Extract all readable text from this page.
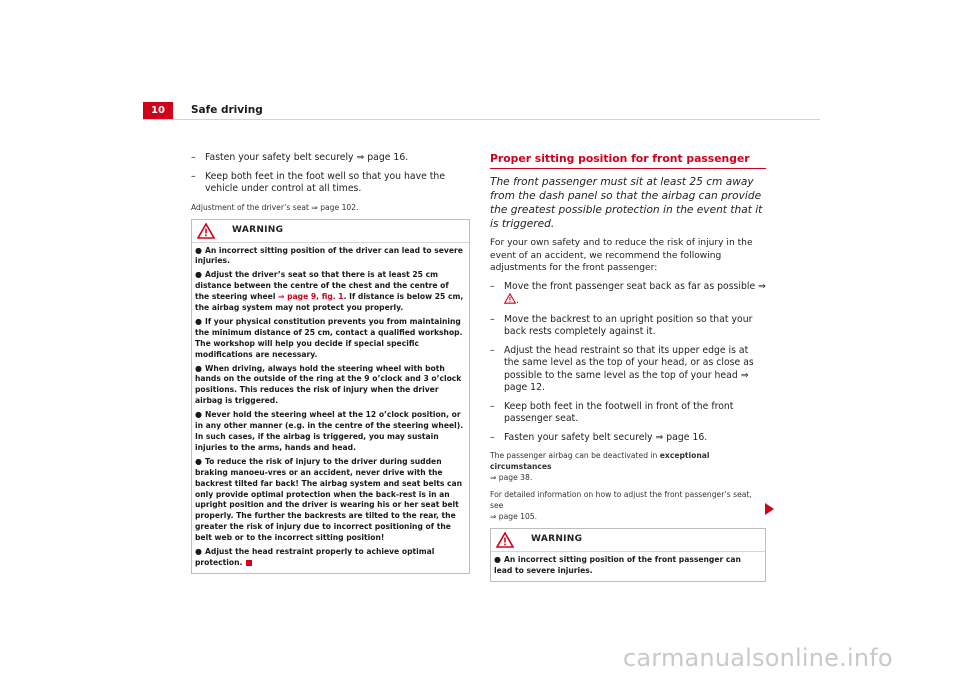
10	Safe driving
– Fasten your safety belt securely ⇒ page 16.
– Keep both feet in the foot well so that you have the vehicle under control at all times.
Adjustment of the driver’s seat ⇒ page 102.
WARNING
● An incorrect sitting position of the driver can lead to severe injuries.
● Adjust the driver’s seat so that there is at least 25 cm distance between the centre of the chest and the centre of the steering wheel ⇒ page 9, fig. 1. If distance is below 25 cm, the airbag system may not protect you properly.
● If your physical constitution prevents you from maintaining the minimum distance of 25 cm, contact a qualified workshop. The workshop will help you decide if special specific modifications are necessary.
● When driving, always hold the steering wheel with both hands on the outside of the ring at the 9 o’clock and 3 o’clock positions. This reduces the risk of injury when the driver airbag is triggered.
● Never hold the steering wheel at the 12 o’clock position, or in any other manner (e.g. in the centre of the steering wheel). In such cases, if the airbag is triggered, you may sustain injuries to the arms, hands and head.
● To reduce the risk of injury to the driver during sudden braking manoeu-vres or an accident, never drive with the backrest tilted far back! The airbag system and seat belts can only provide optimal protection when the back-rest is in an upright position and the driver is wearing his or her seat belt properly. The further the backrests are tilted to the rear, the greater the risk of injury due to incorrect positioning of the belt web or to the incorrect sitting position!
● Adjust the head restraint properly to achieve optimal protection.
Proper sitting position for front passenger
The front passenger must sit at least 25 cm away from the dash panel so that the airbag can provide the greatest possible protection in the event that it is triggered.
For your own safety and to reduce the risk of injury in the event of an accident, we recommend the following adjustments for the front passenger:
– Move the front passenger seat back as far as possible ⇒ .
– Move the backrest to an upright position so that your back rests completely against it.
– Adjust the head restraint so that its upper edge is at the same level as the top of your head, or as close as possible to the same level as the top of your head ⇒ page 12.
– Keep both feet in the footwell in front of the front passenger seat.
– Fasten your safety belt securely ⇒ page 16.
The passenger airbag can be deactivated in exceptional circumstances
⇒ page 38.
For detailed information on how to adjust the front passenger’s seat, see
⇒ page 105.
WARNING
● An incorrect sitting position of the front passenger can lead to severe injuries.
carmanualsonline.info
